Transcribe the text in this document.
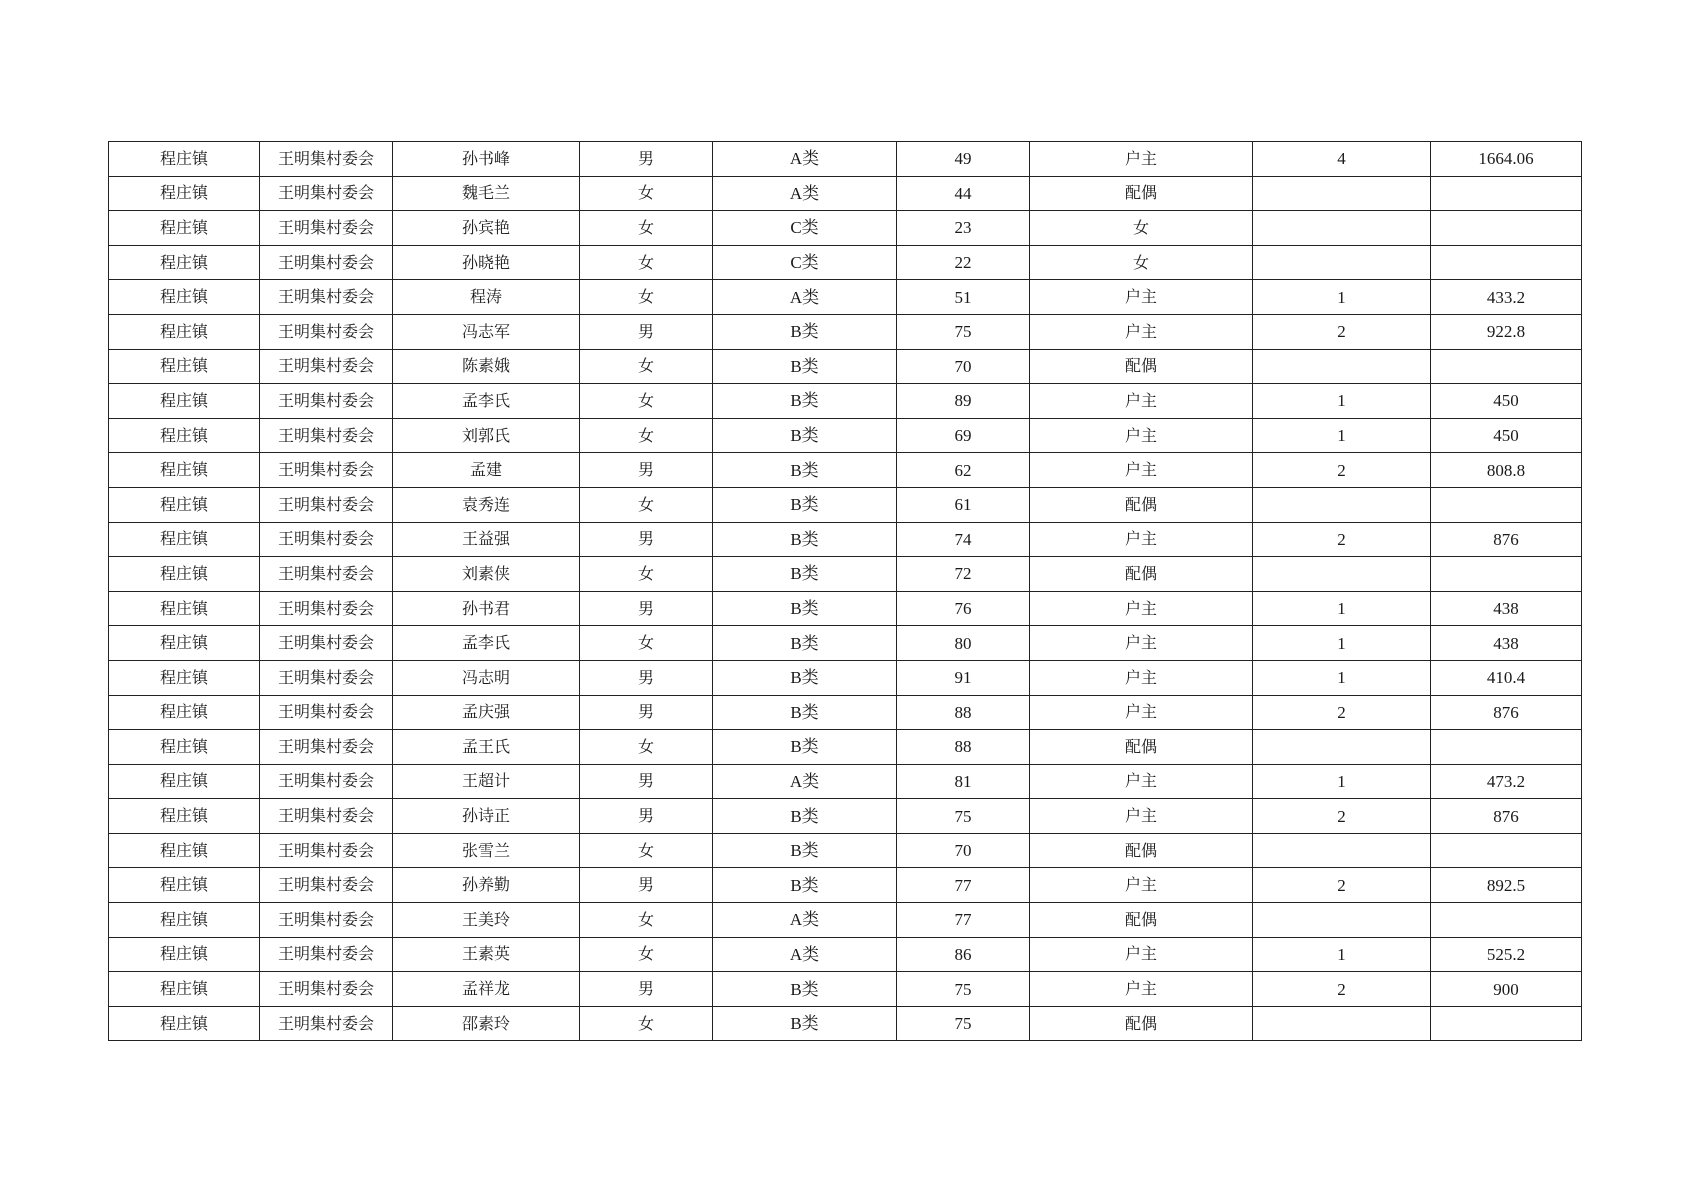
程庄镇	王明集村委会	孙书峰	男	A类	49	户主	4	1664.06
程庄镇	王明集村委会	魏毛兰	女	A类	44	配偶		
程庄镇	王明集村委会	孙宾艳	女	C类	23	女		
程庄镇	王明集村委会	孙晓艳	女	C类	22	女		
程庄镇	王明集村委会	程涛	女	A类	51	户主	1	433.2
程庄镇	王明集村委会	冯志军	男	B类	75	户主	2	922.8
程庄镇	王明集村委会	陈素娥	女	B类	70	配偶		
程庄镇	王明集村委会	孟李氏	女	B类	89	户主	1	450
程庄镇	王明集村委会	刘郭氏	女	B类	69	户主	1	450
程庄镇	王明集村委会	孟建	男	B类	62	户主	2	808.8
程庄镇	王明集村委会	袁秀连	女	B类	61	配偶		
程庄镇	王明集村委会	王益强	男	B类	74	户主	2	876
程庄镇	王明集村委会	刘素侠	女	B类	72	配偶		
程庄镇	王明集村委会	孙书君	男	B类	76	户主	1	438
程庄镇	王明集村委会	孟李氏	女	B类	80	户主	1	438
程庄镇	王明集村委会	冯志明	男	B类	91	户主	1	410.4
程庄镇	王明集村委会	孟庆强	男	B类	88	户主	2	876
程庄镇	王明集村委会	孟王氏	女	B类	88	配偶		
程庄镇	王明集村委会	王超计	男	A类	81	户主	1	473.2
程庄镇	王明集村委会	孙诗正	男	B类	75	户主	2	876
程庄镇	王明集村委会	张雪兰	女	B类	70	配偶		
程庄镇	王明集村委会	孙养勤	男	B类	77	户主	2	892.5
程庄镇	王明集村委会	王美玲	女	A类	77	配偶		
程庄镇	王明集村委会	王素英	女	A类	86	户主	1	525.2
程庄镇	王明集村委会	孟祥龙	男	B类	75	户主	2	900
程庄镇	王明集村委会	邵素玲	女	B类	75	配偶		
